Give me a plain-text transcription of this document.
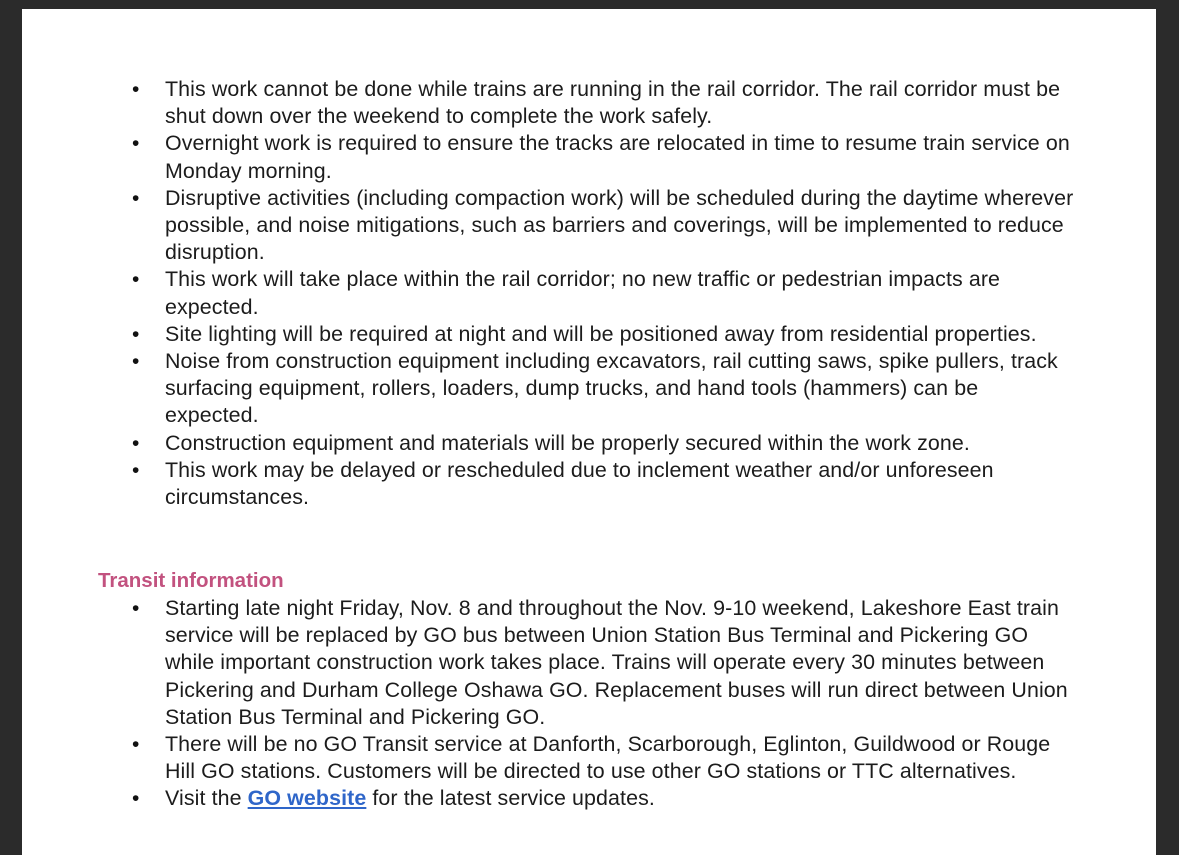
• This work cannot be done while trains are running in the rail corridor. The rail corridor must be shut down over the weekend to complete the work safely.
• Overnight work is required to ensure the tracks are relocated in time to resume train service on Monday morning.
• Disruptive activities (including compaction work) will be scheduled during the daytime wherever possible, and noise mitigations, such as barriers and coverings, will be implemented to reduce disruption.
• This work will take place within the rail corridor; no new traffic or pedestrian impacts are expected.
• Site lighting will be required at night and will be positioned away from residential properties.
• Noise from construction equipment including excavators, rail cutting saws, spike pullers, track surfacing equipment, rollers, loaders, dump trucks, and hand tools (hammers) can be expected.
• Construction equipment and materials will be properly secured within the work zone.
• This work may be delayed or rescheduled due to inclement weather and/or unforeseen circumstances.
Transit information
• Starting late night Friday, Nov. 8 and throughout the Nov. 9-10 weekend, Lakeshore East train service will be replaced by GO bus between Union Station Bus Terminal and Pickering GO while important construction work takes place. Trains will operate every 30 minutes between Pickering and Durham College Oshawa GO. Replacement buses will run direct between Union Station Bus Terminal and Pickering GO.
• There will be no GO Transit service at Danforth, Scarborough, Eglinton, Guildwood or Rouge Hill GO stations. Customers will be directed to use other GO stations or TTC alternatives.
• Visit the GO website for the latest service updates.
